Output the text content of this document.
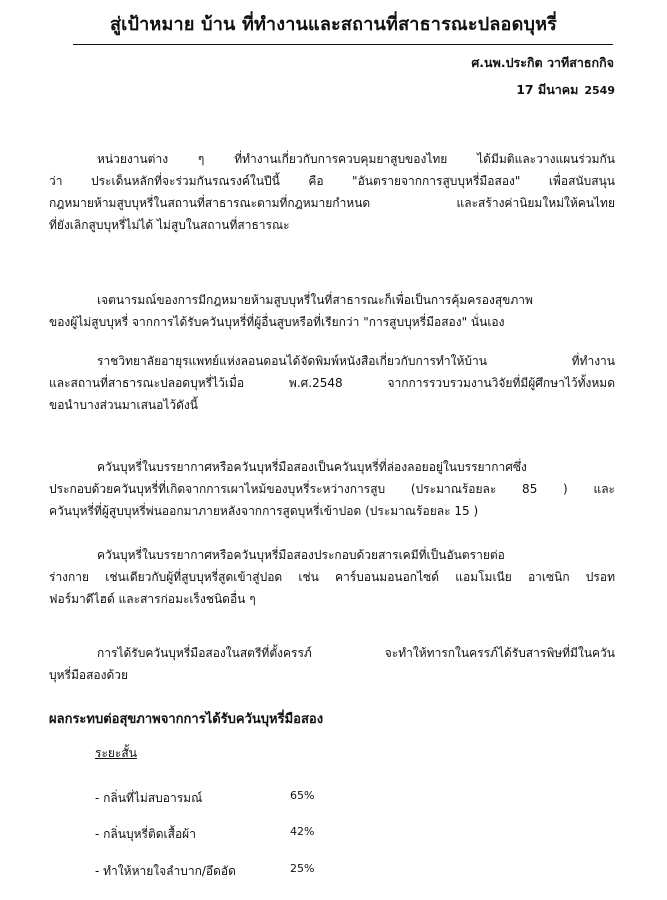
สู่เป้าหมาย บ้าน ที่ทำงานและสถานที่สาธารณะปลอดบุหรี่
ศ.นพ.ประกิต วาทีสาธกกิจ
17 มีนาคม 2549
หน่วยงานต่าง ๆ ที่ทำงานเกี่ยวกับการควบคุมยาสูบของไทย ได้มีมติและวางแผนร่วมกัน
ว่า ประเด็นหลักที่จะร่วมกันรณรงค์ในปีนี้ คือ "อันตรายจากการสูบบุหรี่มือสอง" เพื่อสนับสนุน
กฎหมายห้ามสูบบุหรี่ในสถานที่สาธารณะตามที่กฎหมายกำหนด และสร้างค่านิยมใหม่ให้คนไทย
ที่ยังเลิกสูบบุหรี่ไม่ได้ ไม่สูบในสถานที่สาธารณะ
เจตนารมณ์ของการมีกฎหมายห้ามสูบบุหรี่ในที่สาธารณะก็เพื่อเป็นการคุ้มครองสุขภาพ
ของผู้ไม่สูบบุหรี่ จากการได้รับควันบุหรี่ที่ผู้อื่นสูบหรือที่เรียกว่า "การสูบบุหรี่มือสอง" นั่นเอง
ราชวิทยาลัยอายุรแพทย์แห่งลอนดอนได้จัดพิมพ์หนังสือเกี่ยวกับการทำให้บ้าน ที่ทำงาน
และสถานที่สาธารณะปลอดบุหรี่ไว้เมื่อ พ.ศ.2548 จากการรวบรวมงานวิจัยที่มีผู้ศึกษาไว้ทั้งหมด
ขอนำบางส่วนมาเสนอไว้ดังนี้
ควันบุหรี่ในบรรยากาศหรือควันบุหรี่มือสองเป็นควันบุหรี่ที่ล่องลอยอยู่ในบรรยากาศซึ่ง
ประกอบด้วยควันบุหรี่ที่เกิดจากการเผาไหม้ของบุหรี่ระหว่างการสูบ (ประมาณร้อยละ 85 ) และ
ควันบุหรี่ที่ผู้สูบบุหรี่พ่นออกมาภายหลังจากการสูดบุหรี่เข้าปอด (ประมาณร้อยละ 15 )
ควันบุหรี่ในบรรยากาศหรือควันบุหรี่มือสองประกอบด้วยสารเคมีที่เป็นอันตรายต่อ
ร่างกาย เช่นเดียวกับผู้ที่สูบบุหรี่สูดเข้าสู่ปอด เช่น คาร์บอนมอนอกไซด์ แอมโมเนีย อาเซนิก ปรอท
ฟอร์มาดีไฮด์ และสารก่อมะเร็งชนิดอื่น ๆ
การได้รับควันบุหรี่มือสองในสตรีที่ตั้งครรภ์ จะทำให้ทารกในครรภ์ได้รับสารพิษที่มีในควัน
บุหรี่มือสองด้วย
ผลกระทบต่อสุขภาพจากการได้รับควันบุหรี่มือสอง
ระยะสั้น
- กลิ่นที่ไม่สบอารมณ์	65%
- กลิ่นบุหรี่ติดเสื้อผ้า	42%
- ทำให้หายใจลำบาก/อึดอัด	25%
